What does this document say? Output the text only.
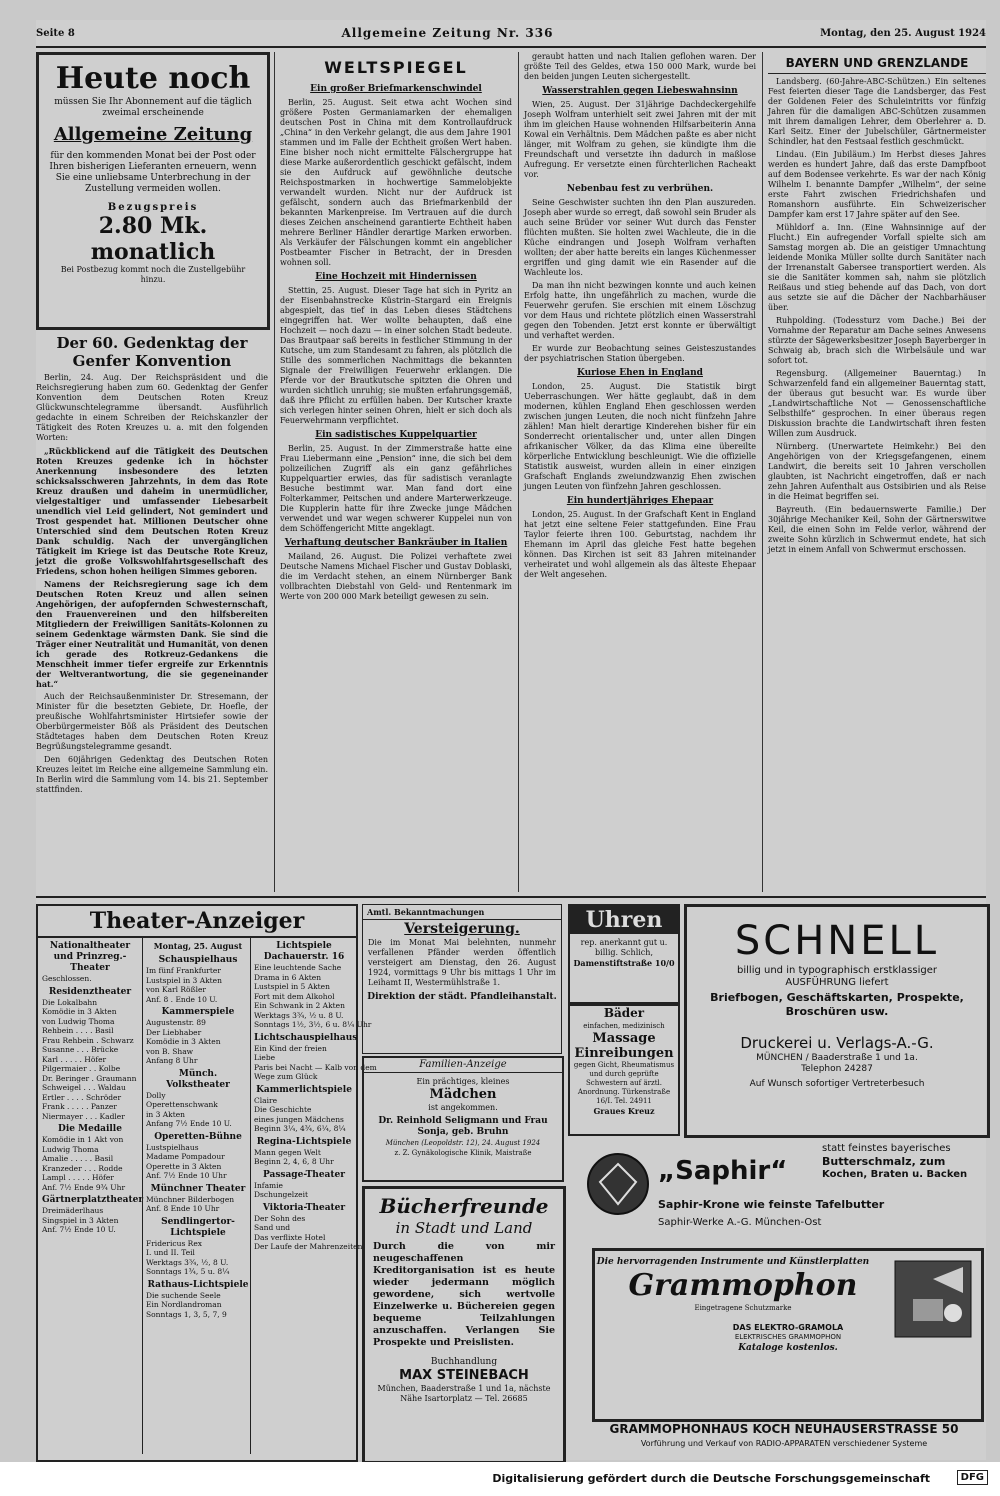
Seite 8	Allgemeine Zeitung Nr. 336	Montag, den 25. August 1924
Heute noch
müssen Sie Ihr Abonnement auf die täglich zweimal erscheinende
Allgemeine Zeitung
für den kommenden Monat bei der Post oder Ihren bisherigen Lieferanten erneuern, wenn Sie eine unliebsame Unterbrechung in der Zustellung vermeiden wollen.
Bezugspreis
2.80 Mk. monatlich
Bei Postbezug kommt noch die Zustellgebühr hinzu.
Der 60. Gedenktag der Genfer Konvention

Berlin, 24. Aug. Der Reichspräsident und die Reichsregierung haben zum 60. Gedenktag der Genfer Konvention dem Deutschen Roten Kreuz Glückwunschtelegramme übersandt. Ausführlich gedachte in einem Schreiben der Reichskanzler der Tätigkeit des Roten Kreuzes u. a. mit den folgenden Worten:

„Rückblickend auf die Tätigkeit des Deutschen Roten Kreuzes gedenke ich in höchster Anerkennung insbesondere des letzten schicksalsschweren Jahrzehnts, in dem das Rote Kreuz draußen und daheim in unermüdlicher, vielgestaltiger und umfassender Liebesarbeit unendlich viel Leid gelindert, Not gemindert und Trost gespendet hat. Millionen Deutscher ohne Unterschied sind dem Deutschen Roten Kreuz Dank schuldig. Nach der unvergänglichen Tätigkeit im Kriege ist das Deutsche Rote Kreuz, jetzt die große Volkswohlfahrtsgesellschaft des Friedens, schon hohen heiligen Simmes geboren.

Namens der Reichsregierung sage ich dem Deutschen Roten Kreuz und allen seinen Angehörigen, der aufopfernden Schwesternschaft, den Frauenvereinen und den hilfsbereiten Mitgliedern der Freiwilligen Sanitäts-Kolonnen zu seinem Gedenktage wärmsten Dank. Sie sind die Träger einer Neutralität und Humanität, von denen ich gerade des Rotkreuz-Gedankens die Menschheit immer tiefer ergreife zur Erkenntnis der Weltverantwortung, die sie gegeneinander hat.“

Auch der Reichsaußenminister Dr. Stresemann, der Minister für die besetzten Gebiete, Dr. Hoefle, der preußische Wohlfahrtsminister Hirtsiefer sowie der Oberbürgermeister Böß als Präsident des Deutschen Städtetages haben dem Deutschen Roten Kreuz Begrüßungstelegramme gesandt.

Den 60jährigen Gedenktag des Deutschen Roten Kreuzes leitet im Reiche eine allgemeine Sammlung ein. In Berlin wird die Sammlung vom 14. bis 21. September stattfinden.

WELTSPIEGEL
Ein großer Briefmarkenschwindel

Berlin, 25. August. Seit etwa acht Wochen sind größere Posten Germaniamarken der ehemaligen deutschen Post in China mit dem Kontrollaufdruck „China“ in den Verkehr gelangt, die aus dem Jahre 1901 stammen und im Falle der Echtheit großen Wert haben. Eine bisher noch nicht ermittelte Fälschergruppe hat diese Marke außerordentlich geschickt gefälscht, indem sie den Aufdruck auf gewöhnliche deutsche Reichspostmarken in hochwertige Sammelobjekte verwandelt wurden. Nicht nur der Aufdruck ist gefälscht, sondern auch das Briefmarkenbild der bekannten Markenpreise. Im Vertrauen auf die durch dieses Zeichen anscheinend garantierte Echtheit haben mehrere Berliner Händler derartige Marken erworben. Als Verkäufer der Fälschungen kommt ein angeblicher Postbeamter Fischer in Betracht, der in Dresden wohnen soll.

Eine Hochzeit mit Hindernissen

Stettin, 25. August. Dieser Tage hat sich in Pyritz an der Eisenbahnstrecke Küstrin–Stargard ein Ereignis abgespielt, das tief in das Leben dieses Städtchens eingegriffen hat. Wer wollte behaupten, daß eine Hochzeit — noch dazu — in einer solchen Stadt bedeute. Das Brautpaar saß bereits in festlicher Stimmung in der Kutsche, um zum Standesamt zu fahren, als plötzlich die Stille des sommerlichen Nachmittags die bekannten Signale der Freiwilligen Feuerwehr erklangen. Die Pferde vor der Brautkutsche spitzten die Ohren und wurden sichtlich unruhig; sie mußten erfahrungsgemäß, daß ihre Pflicht zu erfüllen haben. Der Kutscher kraxte sich verlegen hinter seinen Ohren, hielt er sich doch als Feuerwehrmann verpflichtet.

Ein sadistisches Kuppelquartier

Berlin, 25. August. In der Zimmerstraße hatte eine Frau Liebermann eine „Pension“ inne, die sich bei dem polizeilichen Zugriff als ein ganz gefährliches Kuppelquartier erwies, das für sadistisch veranlagte Besuche bestimmt war. Man fand dort eine Folterkammer, Peitschen und andere Marterwerkzeuge. Die Kupplerin hatte für ihre Zwecke junge Mädchen verwendet und war wegen schwerer Kuppelei nun von dem Schöffengericht Mitte angeklagt.

Verhaftung deutscher Bankräuber in Italien

Mailand, 26. August. Die Polizei verhaftete zwei Deutsche Namens Michael Fischer und Gustav Doblaski, die im Verdacht stehen, an einem Nürnberger Bank vollbrachten Diebstahl von Geld- und Rentenmark im Werte von 200 000 Mark beteiligt gewesen zu sein.

geraubt hatten und nach Italien geflohen waren. Der größte Teil des Geldes, etwa 150 000 Mark, wurde bei den beiden jungen Leuten sichergestellt.

Wasserstrahlen gegen Liebeswahnsinn

Wien, 25. August. Der 31jährige Dachdeckergehilfe Joseph Wolfram unterhielt seit zwei Jahren mit der mit ihm im gleichen Hause wohnenden Hilfsarbeiterin Anna Kowal ein Verhältnis. Dem Mädchen paßte es aber nicht länger, mit Wolfram zu gehen, sie kündigte ihm die Freundschaft und versetzte ihn dadurch in maßlose Aufregung. Er versetzte einen fürchterlichen Racheakt vor.

Nebenbau fest zu verbrühen.

Seine Geschwister suchten ihn den Plan auszureden. Joseph aber wurde so erregt, daß sowohl sein Bruder als auch seine Brüder vor seiner Wut durch das Fenster flüchten mußten. Sie holten zwei Wachleute, die in die Küche eindrangen und Joseph Wolfram verhaften wollten; der aber hatte bereits ein langes Küchenmesser ergriffen und ging damit wie ein Rasender auf die Wachleute los.

Da man ihn nicht bezwingen konnte und auch keinen Erfolg hatte, ihn ungefährlich zu machen, wurde die Feuerwehr gerufen. Sie erschien mit einem Löschzug vor dem Haus und richtete plötzlich einen Wasserstrahl gegen den Tobenden. Jetzt erst konnte er überwältigt und verhaftet werden.

Er wurde zur Beobachtung seines Geisteszustandes der psychiatrischen Station übergeben.

Kuriose Ehen in England

London, 25. August. Die Statistik birgt Ueberraschungen. Wer hätte geglaubt, daß in dem modernen, kühlen England Ehen geschlossen werden zwischen jungen Leuten, die noch nicht fünfzehn Jahre zählen! Man hielt derartige Kinderehen bisher für ein Sonderrecht orientalischer und, unter allen Dingen afrikanischer Völker, da das Klima eine übereilte körperliche Entwicklung beschleunigt. Wie die offizielle Statistik ausweist, wurden allein in einer einzigen Grafschaft Englands zweiundzwanzig Ehen zwischen jungen Leuten von fünfzehn Jahren geschlossen.

Ein hundertjähriges Ehepaar

London, 25. August. In der Grafschaft Kent in England hat jetzt eine seltene Feier stattgefunden. Eine Frau Taylor feierte ihren 100. Geburtstag, nachdem ihr Ehemann im April das gleiche Fest hatte begehen können. Das Kirchen ist seit 83 Jahren miteinander verheiratet und wohl allgemein als das älteste Ehepaar der Welt angesehen.

BAYERN UND GRENZLANDE

Landsberg. (60-Jahre-ABC-Schützen.) Ein seltenes Fest feierten dieser Tage die Landsberger, das Fest der Goldenen Feier des Schuleintritts vor fünfzig Jahren für die damaligen ABC-Schützen zusammen mit ihrem damaligen Lehrer, dem Oberlehrer a. D. Karl Seitz. Einer der Jubelschüler, Gärtnermeister Schindler, hat den Festsaal festlich geschmückt.

Lindau. (Ein Jubiläum.) Im Herbst dieses Jahres werden es hundert Jahre, daß das erste Dampfboot auf dem Bodensee verkehrte. Es war der nach König Wilhelm I. benannte Dampfer „Wilhelm“, der seine erste Fahrt zwischen Friedrichshafen und Romanshorn ausführte. Ein Schweizerischer Dampfer kam erst 17 Jahre später auf den See.

Mühldorf a. Inn. (Eine Wahnsinnige auf der Flucht.) Ein aufregender Vorfall spielte sich am Samstag morgen ab. Die an geistiger Umnachtung leidende Monika Müller sollte durch Sanitäter nach der Irrenanstalt Gabersee transportiert werden. Als sie die Sanitäter kommen sah, nahm sie plötzlich Reißaus und stieg behende auf das Dach, von dort aus setzte sie auf die Dächer der Nachbarhäuser über.

Ruhpolding. (Todessturz vom Dache.) Bei der Vornahme der Reparatur am Dache seines Anwesens stürzte der Sägewerksbesitzer Joseph Bayerberger in Schwaig ab, brach sich die Wirbelsäule und war sofort tot.

Regensburg. (Allgemeiner Bauerntag.) In Schwarzenfeld fand ein allgemeiner Bauerntag statt, der überaus gut besucht war. Es wurde über „Landwirtschaftliche Not — Genossenschaftliche Selbsthilfe“ gesprochen. In einer überaus regen Diskussion brachte die Landwirtschaft ihren festen Willen zum Ausdruck.

Nürnberg. (Unerwartete Heimkehr.) Bei den Angehörigen von der Kriegsgefangenen, einem Landwirt, die bereits seit 10 Jahren verschollen glaubten, ist Nachricht eingetroffen, daß er nach zehn Jahren Aufenthalt aus Ostsibirien und als Reise in die Heimat begriffen sei.

Bayreuth. (Ein bedauernswerte Familie.) Der 30jährige Mechaniker Keil, Sohn der Gärtnerswitwe Keil, die einen Sohn im Felde verlor, während der zweite Sohn kürzlich in Schwermut endete, hat sich jetzt in einem Anfall von Schwermut erschossen.

Theater-Anzeiger
Nationaltheater und Prinzreg.-Theater
Geschlossen.
Residenztheater
Die Lokalbahn
Komödie in 3 Akten
von Ludwig Thoma
Rehbein . . . . Basil
Frau Rehbein . Schwarz
Susanne . . . Brücke
Karl . . . . . Höfer
Pilgermaier . . Kolbe
Dr. Beringer . Graumann
Schweigel . . . Waldau
Ertler . . . . Schröder
Frank . . . . . Panzer
Niermayer . . . Kadler
Die Medaille
Komödie in 1 Akt von
Ludwig Thoma
Amalie . . . . . Basil
Kranzeder . . . Rodde
Lampl . . . . . Höfer
Anf. 7½ Ende 9¾ Uhr
Gärtnerplatztheater
Dreimäderlhaus
Singspiel in 3 Akten
Anf. 7½ Ende 10 U.
Montag, 25. August
Schauspielhaus
Im fünf Frankfurter
Lustspiel in 3 Akten
von Karl Rößler
Anf. 8 . Ende 10 U.
Kammerspiele
Augustenstr. 89
Der Liebhaber
Komödie in 3 Akten
von B. Shaw
Anfang 8 Uhr
Münch. Volkstheater
Dolly
Operettenschwank
in 3 Akten
Anfang 7½ Ende 10 U.
Operetten-Bühne
Lustspielhaus
Madame Pompadour
Operette in 3 Akten
Anf. 7½ Ende 10 Uhr
Münchner Theater
Münchner Bilderbogen
Anf. 8 Ende 10 Uhr
Sendlingertor-Lichtspiele
Fridericus Rex
I. und II. Teil
Werktags 3¾, ½, 8 U.
Sonntags 1¾, 5 u. 8¼
Rathaus-Lichtspiele
Die suchende Seele
Ein Nordlandroman
Sonntags 1, 3, 5, 7, 9
Lichtspiele Dachauerstr. 16
Eine leuchtende Sache
Drama in 6 Akten
Lustspiel in 5 Akten
Fort mit dem Alkohol
Ein Schwank in 2 Akten
Werktags 3¾, ½ u. 8 U.
Sonntags 1½, 3½, 6 u. 8¼ Uhr
Lichtschauspielhaus
Ein Kind der freien
Liebe
Paris bei Nacht — Kalb von dem
Wege zum Glück
Kammerlichtspiele
Claire
Die Geschichte
eines jungen Mädchens
Beginn 3¼, 4¾, 6¼, 8¼
Regina-Lichtspiele
Mann gegen Welt
Beginn 2, 4, 6, 8 Uhr
Passage-Theater
Infamie
Dschungelzeit
Viktoria-Theater
Der Sohn des
Sand und
Das verflixte Hotel
Der Laufe der Mahrenzeiten
Amtl. Bekanntmachungen
Versteigerung.
Die im Monat Mai belehnten, nunmehr verfallenen Pfänder werden öffentlich versteigert am Dienstag, den 26. August 1924, vormittags 9 Uhr bis mittags 1 Uhr im Leihamt II, Westermühlstraße 1.
Direktion der städt. Pfandleihanstalt.
Familien-Anzeige
Ein prächtiges, kleines
Mädchen
ist angekommen.
Dr. Reinhold Seligmann und Frau Sonja, geb. Bruhn
München (Leopoldstr. 12), 24. August 1924
z. Z. Gynäkologische Klinik, Maistraße
Bücherfreunde
in Stadt und Land
Durch die von mir neugeschaffenen Kreditorganisation ist es heute wieder jedermann möglich gewordene, sich wertvolle Einzelwerke u. Büchereien gegen bequeme Teilzahlungen anzuschaffen. Verlangen Sie Prospekte und Preislisten.
Buchhandlung
MAX STEINEBACH
München, Baaderstraße 1 und 1a, nächste Nähe Isartorplatz — Tel. 26685
Uhren
rep. anerkannt gut u. billig. Schlich,
Damenstiftstraße 10/0
Bäder
einfachen, medizinisch
Massage Einreibungen
gegen Gicht, Rheumatismus und durch geprüfte Schwestern auf ärztl. Anordnung. Türkenstraße 16/I. Tel. 24911
Graues Kreuz
SCHNELL
billig und in typographisch erstklassiger AUSFÜHRUNG liefert
Briefbogen, Geschäftskarten, Prospekte, Broschüren usw.
Druckerei u. Verlags-A.-G.
MÜNCHEN / Baaderstraße 1 und 1a.
Telephon 24287
Auf Wunsch sofortiger Vertreterbesuch
„Saphir“
statt feinstes bayerisches
Butterschmalz, zum
Kochen, Braten u. Backen
Saphir-Krone wie feinste Tafelbutter
Saphir-Werke A.-G. München-Ost
Die hervorragenden Instrumente und Künstlerplatten
Grammophon
Eingetragene Schutzmarke
DAS ELEKTRO-GRAMOLA
ELEKTRISCHES GRAMMOPHON
Kataloge kostenlos.
GRAMMOPHONHAUS KOCH NEUHAUSERSTRASSE 50
Vorführung und Verkauf von RADIO-APPARATEN verschiedener Systeme
Digitalisierung gefördert durch die Deutsche Forschungsgemeinschaft	DFG
